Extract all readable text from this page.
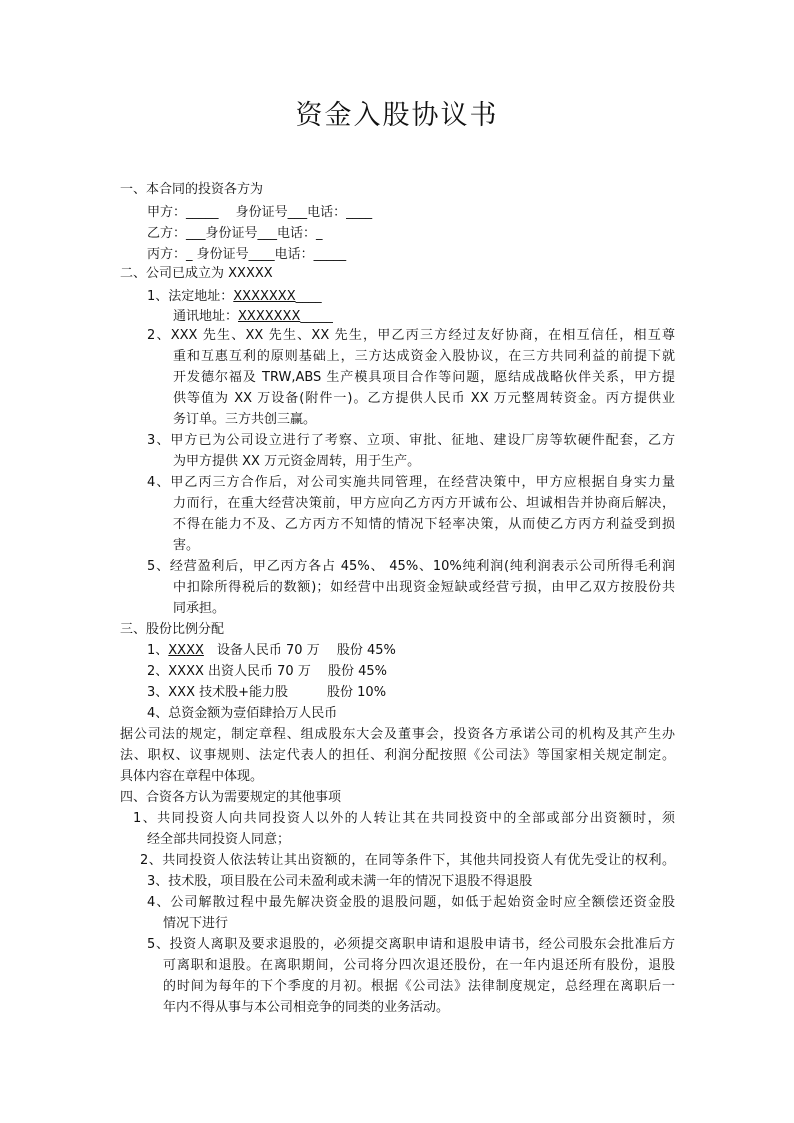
资金入股协议书
一、本合同的投资各方为
甲方：_____　 身份证号___电话：____
乙方：___身份证号___电话：_
丙方：_ 身份证号____电话：_____
二、公司已成立为 XXXXX
1、法定地址：XXXXXXX____
通讯地址：XXXXXXX_____
2、XXX 先生、XX 先生、XX 先生，甲乙丙三方经过友好协商，在相互信任，相互尊
重和互惠互利的原则基础上，三方达成资金入股协议，在三方共同利益的前提下就
开发德尔福及 TRW,ABS 生产模具项目合作等问题，愿结成战略伙伴关系，甲方提
供等值为 XX 万设备(附件一)。乙方提供人民币 XX 万元整周转资金。丙方提供业
务订单。三方共创三赢。
3、甲方已为公司设立进行了考察、立项、审批、征地、建设厂房等软硬件配套，乙方
为甲方提供 XX 万元资金周转，用于生产。
4、甲乙丙三方合作后，对公司实施共同管理，在经营决策中，甲方应根据自身实力量
力而行，在重大经营决策前，甲方应向乙方丙方开诚布公、坦诚相告并协商后解决，
不得在能力不及、乙方丙方不知情的情况下轻率决策，从而使乙方丙方利益受到损
害。
5、经营盈利后，甲乙丙方各占 45%、 45%、10%纯利润(纯利润表示公司所得毛利润
中扣除所得税后的数额)；如经营中出现资金短缺或经营亏损，由甲乙双方按股份共
同承担。
三、股份比例分配
1、XXXX　设备人民币 70 万　 股份 45%
2、XXXX 出资人民币 70 万　 股份 45%
3、XXX 技术股+能力股　　　股份 10%
4、总资金额为壹佰肆拾万人民币
据公司法的规定，制定章程、组成股东大会及董事会，投资各方承诺公司的机构及其产生办
法、职权、议事规则、法定代表人的担任、利润分配按照《公司法》等国家相关规定制定。
具体内容在章程中体现。
四、合资各方认为需要规定的其他事项
1、共同投资人向共同投资人以外的人转让其在共同投资中的全部或部分出资额时，须
经全部共同投资人同意；
2、共同投资人依法转让其出资额的，在同等条件下，其他共同投资人有优先受让的权利。
3、技术股，项目股在公司未盈利或未满一年的情况下退股不得退股
4、公司解散过程中最先解决资金股的退股问题，如低于起始资金时应全额偿还资金股
情况下进行
5、投资人离职及要求退股的，必须提交离职申请和退股申请书，经公司股东会批准后方
可离职和退股。在离职期间，公司将分四次退还股份，在一年内退还所有股份，退股
的时间为每年的下个季度的月初。根据《公司法》法律制度规定，总经理在离职后一
年内不得从事与本公司相竞争的同类的业务活动。
